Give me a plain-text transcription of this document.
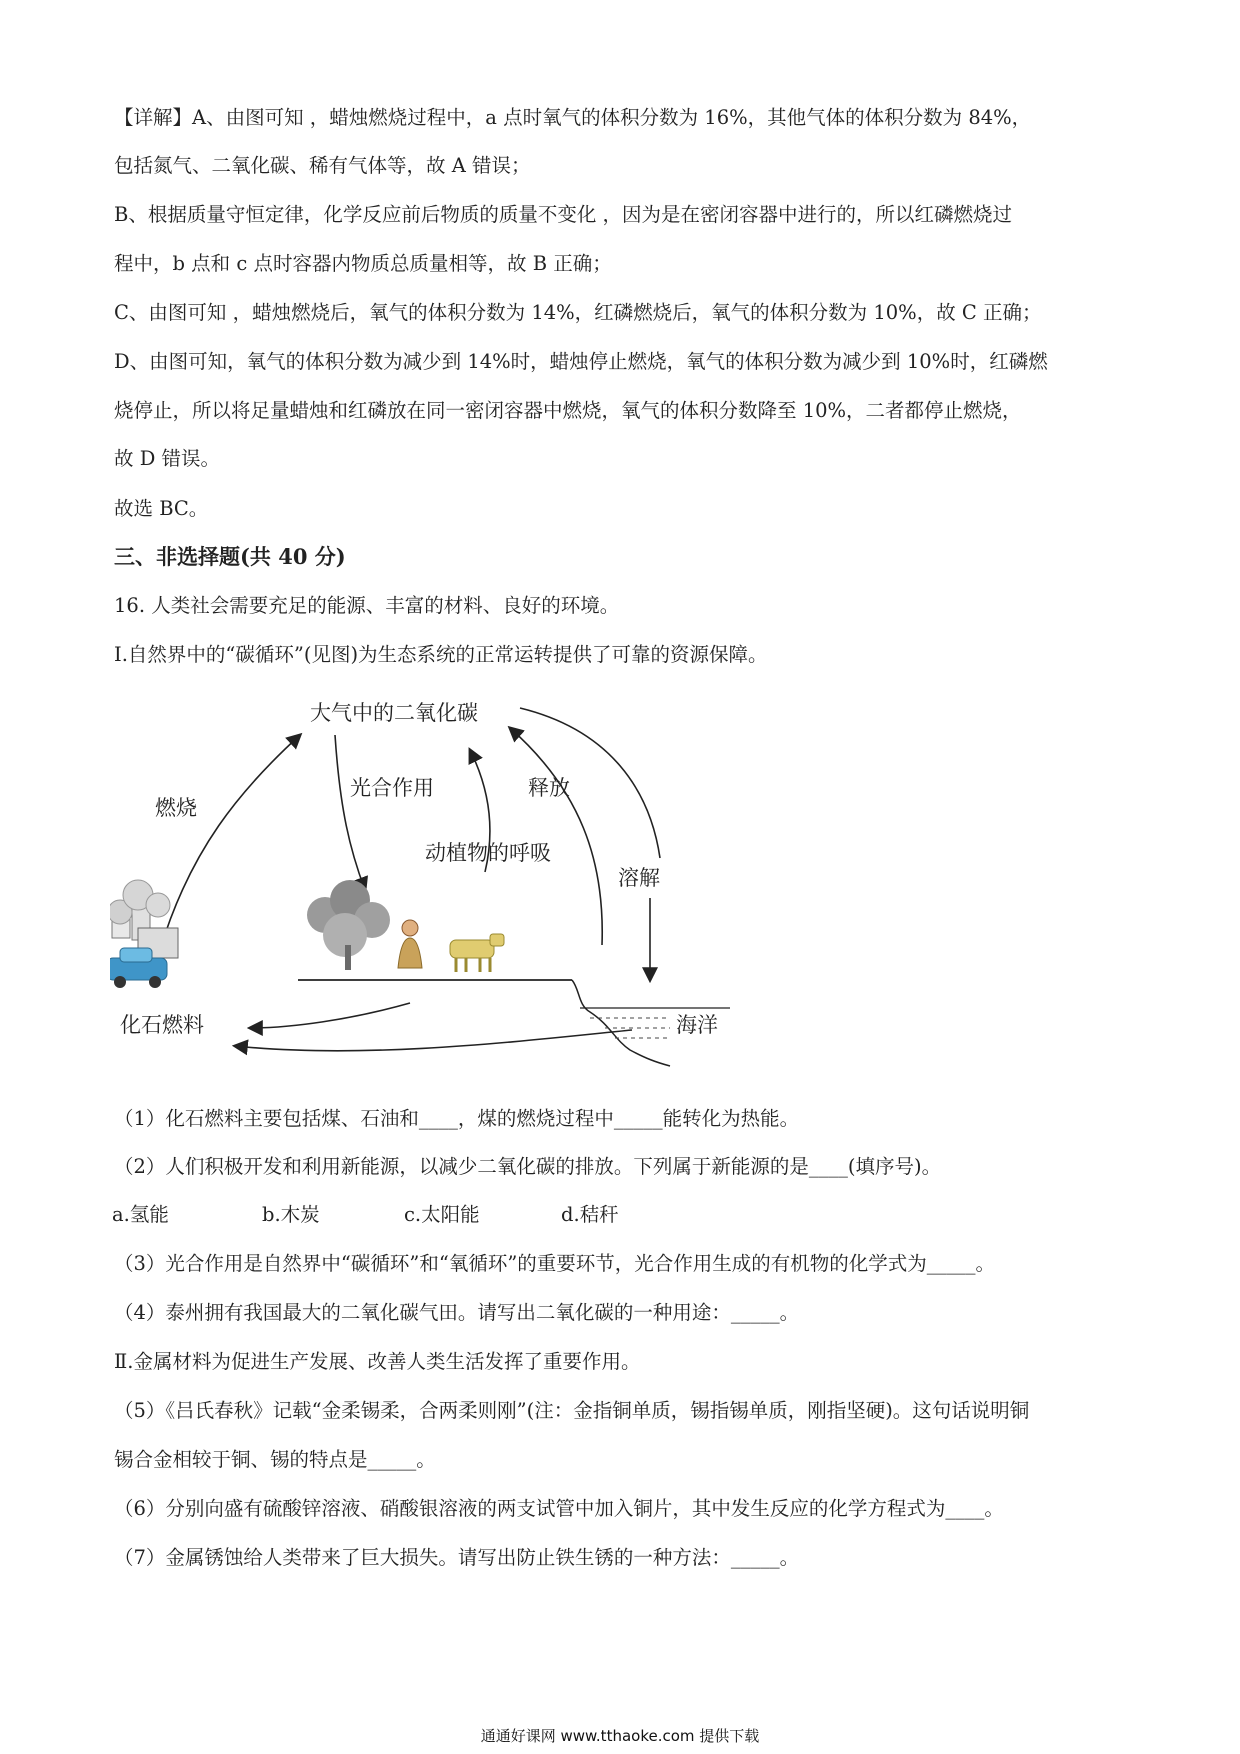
【详解】A、由图可知 ，蜡烛燃烧过程中，a 点时氧气的体积分数为 16%，其他气体的体积分数为 84%，
包括氮气、二氧化碳、稀有气体等，故 A 错误；
B、根据质量守恒定律，化学反应前后物质的质量不变化 ，因为是在密闭容器中进行的，所以红磷燃烧过
程中，b 点和 c 点时容器内物质总质量相等，故 B 正确；
C、由图可知 ，蜡烛燃烧后，氧气的体积分数为 14%，红磷燃烧后，氧气的体积分数为 10%，故 C 正确；
D、由图可知，氧气的体积分数为减少到 14%时，蜡烛停止燃烧，氧气的体积分数为减少到 10%时，红磷燃
烧停止，所以将足量蜡烛和红磷放在同一密闭容器中燃烧，氧气的体积分数降至 10%，二者都停止燃烧，
故 D 错误。
故选 BC。
三、非选择题(共 40 分)
16. 人类社会需要充足的能源、丰富的材料、良好的环境。
Ⅰ.自然界中的“碳循环”(见图)为生态系统的正常运转提供了可靠的资源保障。
大气中的二氧化碳
燃烧
光合作用	释放
动植物的呼吸
溶解
化石燃料	海洋
（1）化石燃料主要包括煤、石油和____，煤的燃烧过程中_____能转化为热能。
（2）人们积极开发和利用新能源，以减少二氧化碳的排放。下列属于新能源的是____(填序号)。
a.氢能	b.木炭	c.太阳能	d.秸秆
（3）光合作用是自然界中“碳循环”和“氧循环”的重要环节，光合作用生成的有机物的化学式为_____。
（4）泰州拥有我国最大的二氧化碳气田。请写出二氧化碳的一种用途：_____。
Ⅱ.金属材料为促进生产发展、改善人类生活发挥了重要作用。
（5）《吕氏春秋》记载“金柔锡柔，合两柔则刚”(注：金指铜单质，锡指锡单质，刚指坚硬)。这句话说明铜
锡合金相较于铜、锡的特点是_____。
（6）分别向盛有硫酸锌溶液、硝酸银溶液的两支试管中加入铜片，其中发生反应的化学方程式为____。
（7）金属锈蚀给人类带来了巨大损失。请写出防止铁生锈的一种方法：_____。
通通好课网 www.tthaoke.com 提供下载
